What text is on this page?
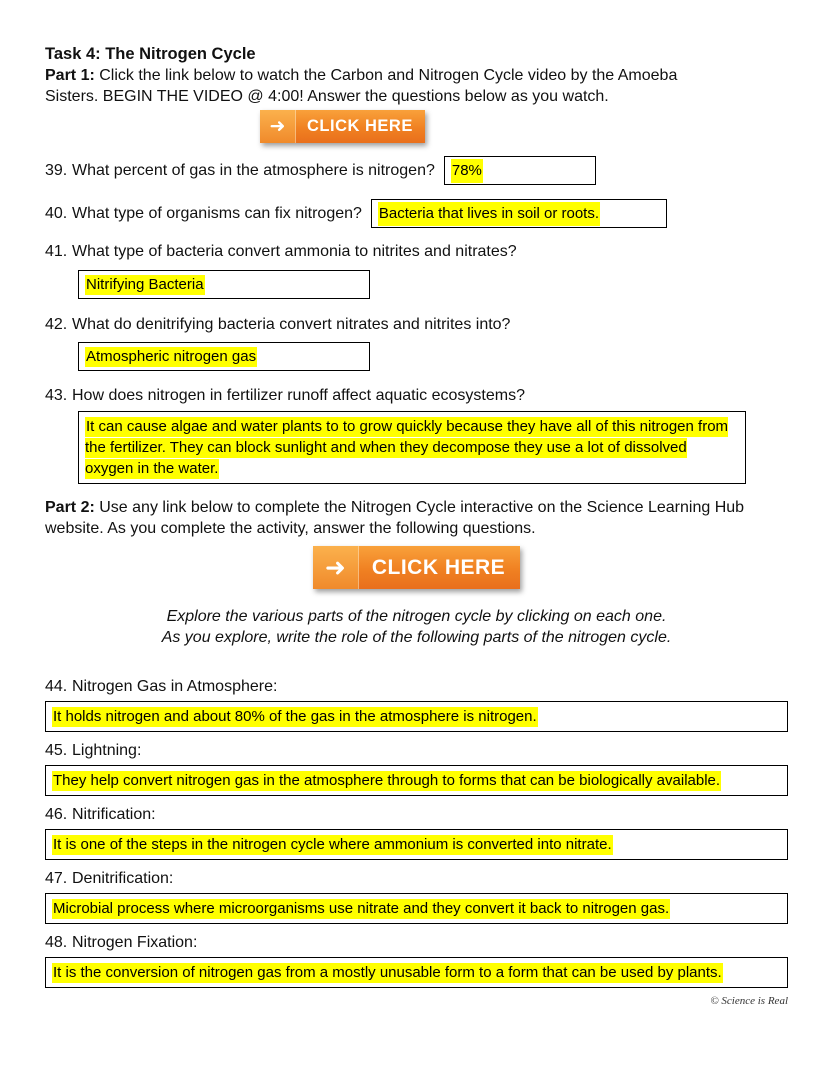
Task 4: The Nitrogen Cycle

Part 1: Click the link below to watch the Carbon and Nitrogen Cycle video by the Amoeba Sisters. BEGIN THE VIDEO @ 4:00! Answer the questions below as you watch.

➜	CLICK HERE
39. What percent of gas in the atmosphere is nitrogen? 78%
40. What type of organisms can fix nitrogen? Bacteria that lives in soil or roots.
41. What type of bacteria convert ammonia to nitrites and nitrates?
Nitrifying Bacteria
42. What do denitrifying bacteria convert nitrates and nitrites into?
Atmospheric nitrogen gas
43. How does nitrogen in fertilizer runoff affect aquatic ecosystems?
It can cause algae and water plants to to grow quickly because they have all of this nitrogen from the fertilizer. They can block sunlight and when they decompose they use a lot of dissolved oxygen in the water.

Part 2: Use any link below to complete the Nitrogen Cycle interactive on the Science Learning Hub website. As you complete the activity, answer the following questions.

➜	CLICK HERE
Explore the various parts of the nitrogen cycle by clicking on each one.
As you explore, write the role of the following parts of the nitrogen cycle.
44. Nitrogen Gas in Atmosphere:
It holds nitrogen and about 80% of the gas in the atmosphere is nitrogen.
45. Lightning:
They help convert nitrogen gas in the atmosphere through to forms that can be biologically available.
46. Nitrification:
It is one of the steps in the nitrogen cycle where ammonium is converted into nitrate.
47. Denitrification:
Microbial process where microorganisms use nitrate and they convert it back to nitrogen gas.
48. Nitrogen Fixation:
It is the conversion of nitrogen gas from a mostly unusable form to a form that can be used by plants.
© Science is Real
